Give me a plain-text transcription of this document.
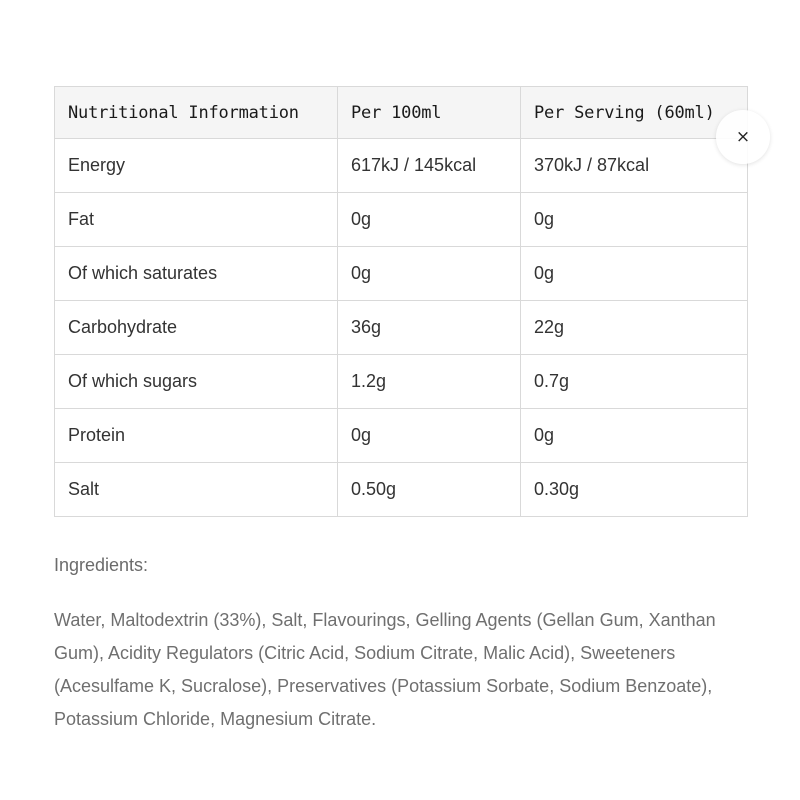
Nutritional Information	Per 100ml	Per Serving (60ml)
Energy	617kJ / 145kcal	370kJ / 87kcal
Fat	0g	0g
Of which saturates	0g	0g
Carbohydrate	36g	22g
Of which sugars	1.2g	0.7g
Protein	0g	0g
Salt	0.50g	0.30g
×
Ingredients:

Water, Maltodextrin (33%), Salt, Flavourings, Gelling Agents (Gellan Gum, Xanthan Gum), Acidity Regulators (Citric Acid, Sodium Citrate, Malic Acid), Sweeteners (Acesulfame K, Sucralose), Preservatives (Potassium Sorbate, Sodium Benzoate), Potassium Chloride, Magnesium Citrate.
